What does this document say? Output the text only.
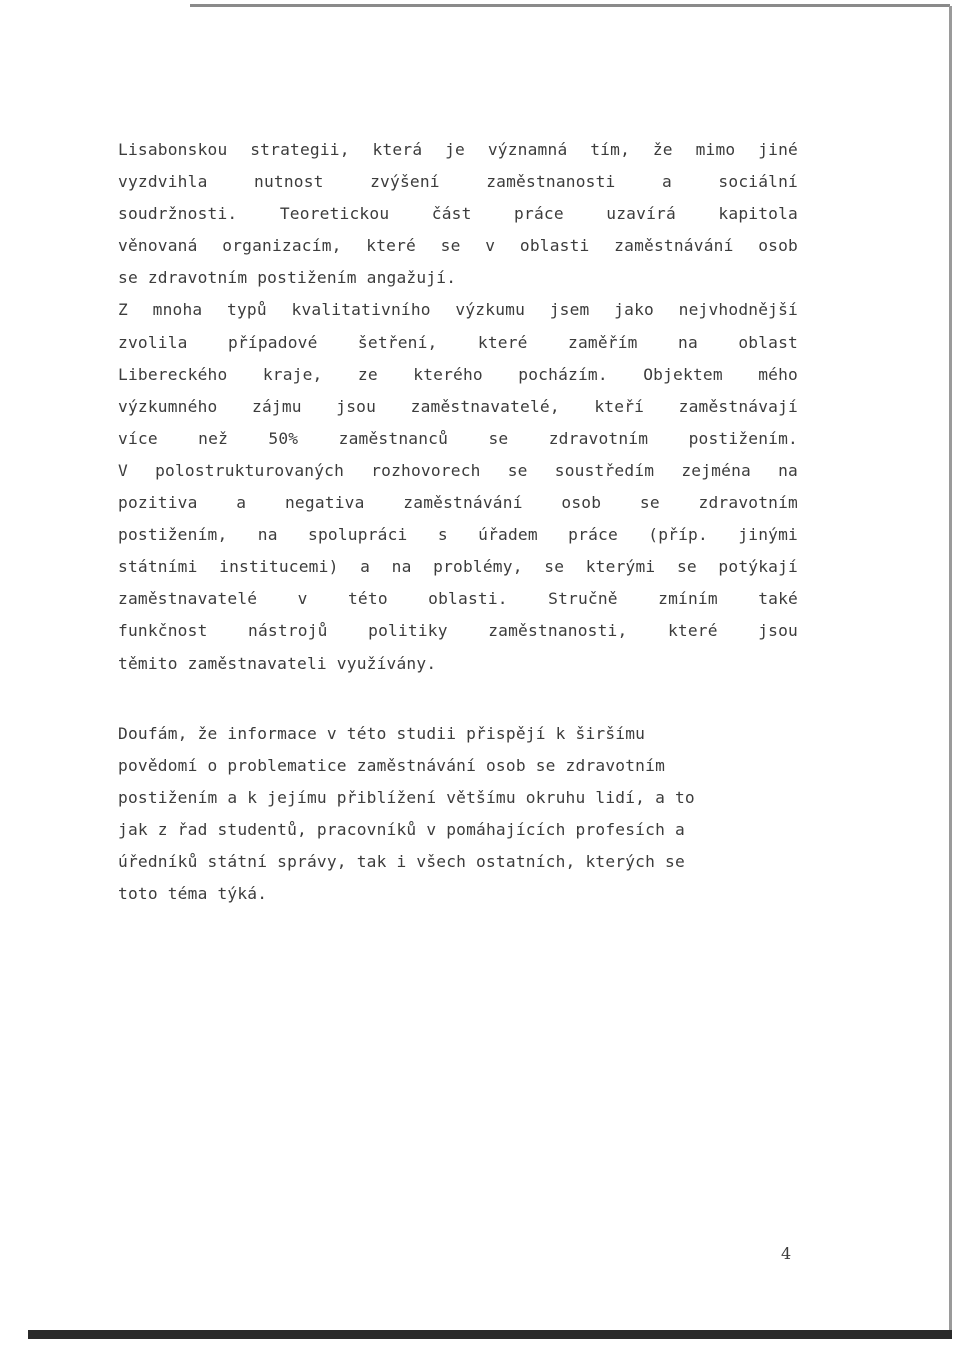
Lisabonskou strategii, která je významná tím, že mimo jiné
vyzdvihla nutnost zvýšení zaměstnanosti a sociální
soudržnosti. Teoretickou část práce uzavírá kapitola
věnovaná organizacím, které se v oblasti zaměstnávání osob
se zdravotním postižením angažují.
Z mnoha typů kvalitativního výzkumu jsem jako nejvhodnější
zvolila případové šetření, které zaměřím na oblast
Libereckého kraje, ze kterého pocházím. Objektem mého
výzkumného zájmu jsou zaměstnavatelé, kteří zaměstnávají
více než 50% zaměstnanců se zdravotním postižením.
V polostrukturovaných rozhovorech se soustředím zejména na
pozitiva a negativa zaměstnávání osob se zdravotním
postižením, na spolupráci s úřadem práce (příp. jinými
státními institucemi) a na problémy, se kterými se potýkají
zaměstnavatelé v této oblasti. Stručně zmíním také
funkčnost nástrojů politiky zaměstnanosti, které jsou
těmito zaměstnavateli využívány.
Doufám, že informace v této studii přispějí k širšímu
povědomí o problematice zaměstnávání osob se zdravotním
postižením a k jejímu přiblížení většímu okruhu lidí, a to
jak z řad studentů, pracovníků v pomáhajících profesích a
úředníků státní správy, tak i všech ostatních, kterých se
toto téma týká.
4
